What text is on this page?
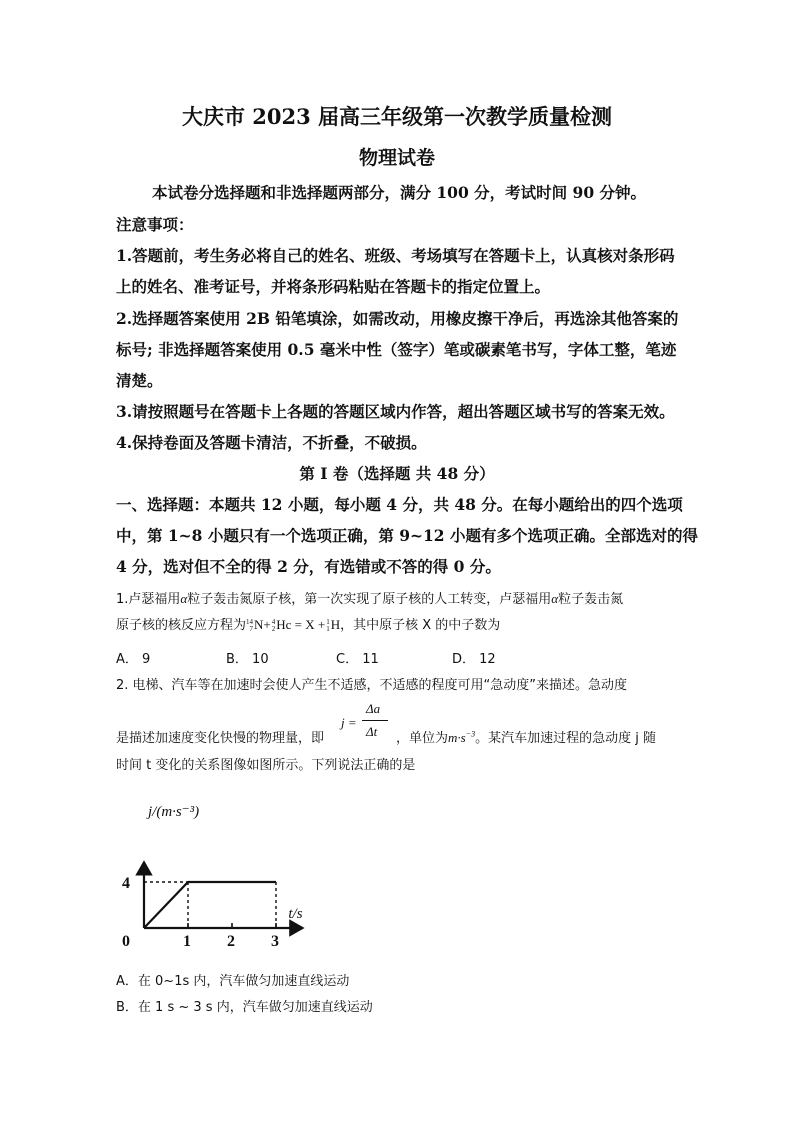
大庆市 2023 届高三年级第一次教学质量检测
物理试卷
本试卷分选择题和非选择题两部分，满分 100 分，考试时间 90 分钟。
注意事项：
1.答题前，考生务必将自己的姓名、班级、考场填写在答题卡上，认真核对条形码
上的姓名、准考证号，并将条形码粘贴在答题卡的指定位置上。
2.选择题答案使用 2B 铅笔填涂，如需改动，用橡皮擦干净后，再选涂其他答案的
标号; 非选择题答案使用 0.5 毫米中性（签字）笔或碳素笔书写，字体工整，笔迹
清楚。
3.请按照题号在答题卡上各题的答题区域内作答，超出答题区域书写的答案无效。
4.保持卷面及答题卡清洁，不折叠，不破损。
第 I 卷（选择题 共 48 分）
一、选择题：本题共 12 小题，每小题 4 分，共 48 分。在每小题给出的四个选项
中，第 1~8 小题只有一个选项正确，第 9~12 小题有多个选项正确。全部选对的得
4 分，选对但不全的得 2 分，有选错或不答的得 0 分。
1.卢瑟福用α粒子轰击氮原子核，第一次实现了原子核的人工转变，卢瑟福用α粒子轰击氮
原子核的核反应方程为14
7N+4
2Hc = X +1
1H，其中原子核 X 的中子数为
A． 9	B． 10	C． 11	D． 12
2. 电梯、汽车等在加速时会使人产生不适感，不适感的程度可用“急动度”来描述。急动度
是描述加速度变化快慢的物理量，即
j =
Δa
Δt ，单位为$m\cdot s^{-3}$。某汽车加速过程的急动度 j 随
时间 t 变化的关系图像如图所示。下列说法正确的是
1 2 3
4
0
j/(m·s⁻³)
t/s
A．在 0~1s 内，汽车做匀加速直线运动
B．在 1 s ~ 3 s 内，汽车做匀加速直线运动
